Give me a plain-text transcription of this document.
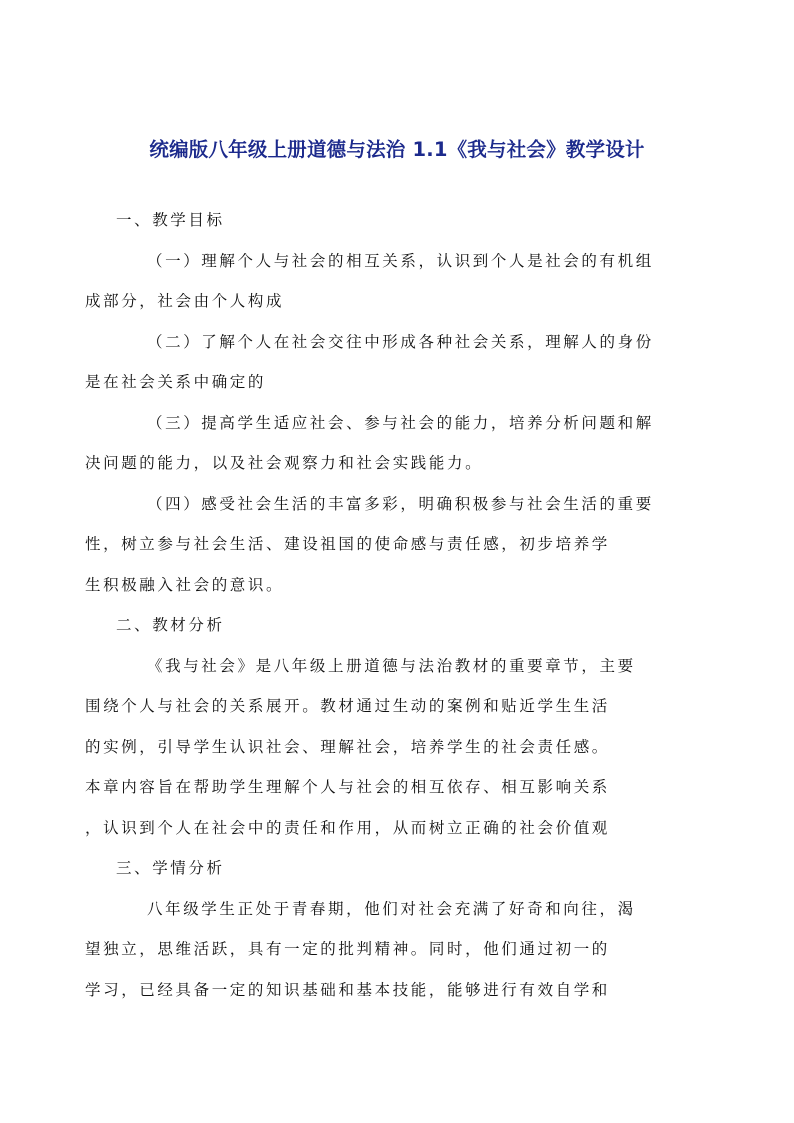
统编版八年级上册道德与法治 1.1《我与社会》教学设计
一、教学目标

（一）理解个人与社会的相互关系，认识到个人是社会的有机组
成部分，社会由个人构成

（二）了解个人在社会交往中形成各种社会关系，理解人的身份
是在社会关系中确定的

（三）提高学生适应社会、参与社会的能力，培养分析问题和解
决问题的能力，以及社会观察力和社会实践能力。

（四）感受社会生活的丰富多彩，明确积极参与社会生活的重要
性，树立参与社会生活、建设祖国的使命感与责任感，初步培养学
生积极融入社会的意识。

二、教材分析

《我与社会》是八年级上册道德与法治教材的重要章节，主要
围绕个人与社会的关系展开。教材通过生动的案例和贴近学生生活
的实例，引导学生认识社会、理解社会，培养学生的社会责任感。
本章内容旨在帮助学生理解个人与社会的相互依存、相互影响关系
，认识到个人在社会中的责任和作用，从而树立正确的社会价值观

三、学情分析

八年级学生正处于青春期，他们对社会充满了好奇和向往，渴
望独立，思维活跃，具有一定的批判精神。同时，他们通过初一的
学习，已经具备一定的知识基础和基本技能，能够进行有效自学和
